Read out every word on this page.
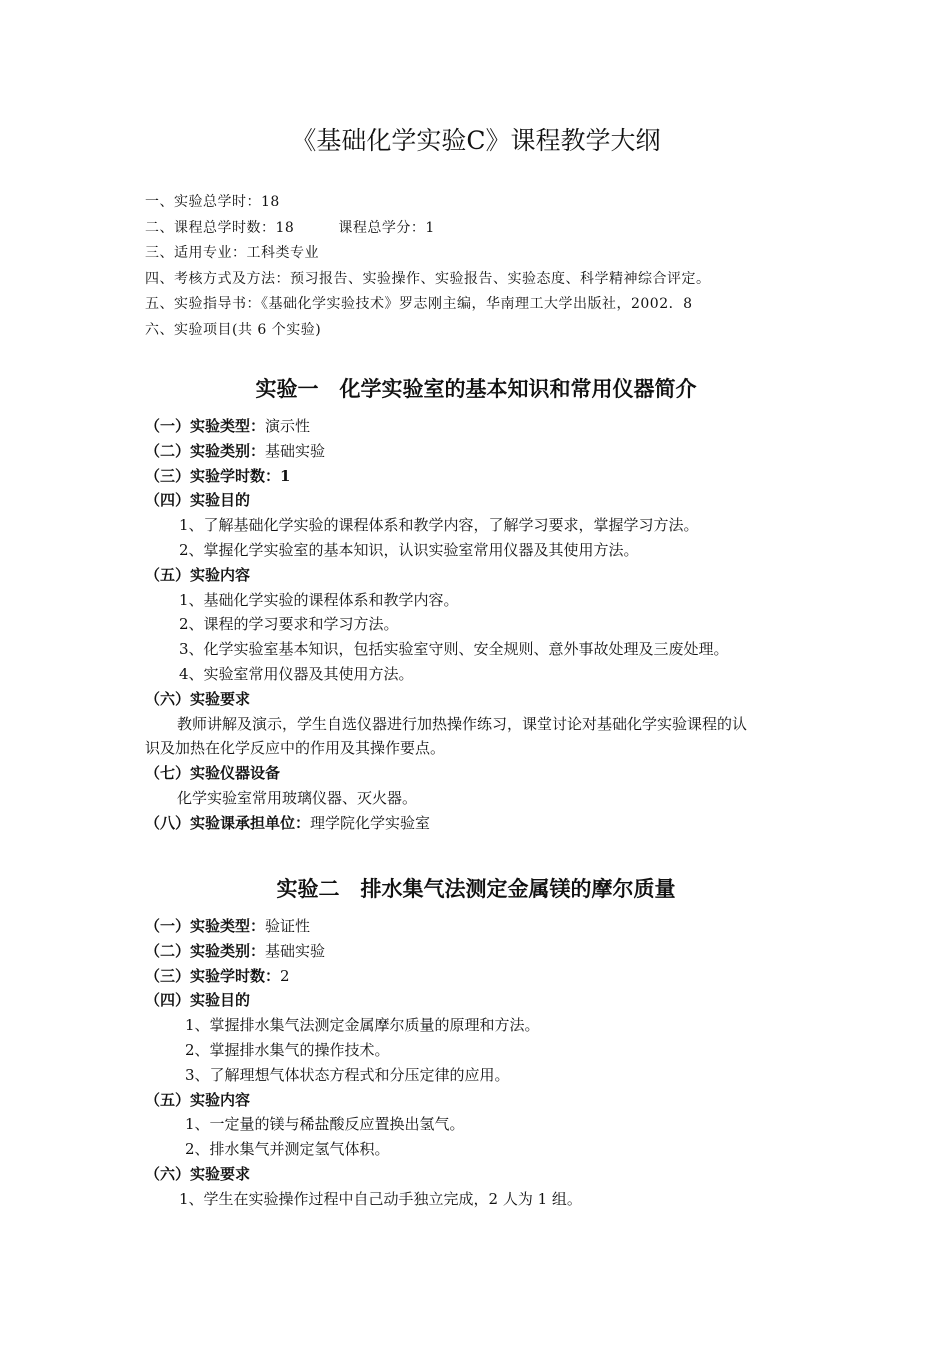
《基础化学实验C》课程教学大纲
一、实验总学时：18
二、课程总学时数：18	课程总学分：1
三、适用专业：工科类专业
四、考核方式及方法：预习报告、实验操作、实验报告、实验态度、科学精神综合评定。
五、实验指导书：《基础化学实验技术》罗志刚主编，华南理工大学出版社，2002．8
六、实验项目(共 6 个实验)
实验一　化学实验室的基本知识和常用仪器简介
（一）实验类型：演示性
（二）实验类别：基础实验
（三）实验学时数：1
（四）实验目的
1、了解基础化学实验的课程体系和教学内容，了解学习要求，掌握学习方法。
2、掌握化学实验室的基本知识，认识实验室常用仪器及其使用方法。
（五）实验内容
1、基础化学实验的课程体系和教学内容。
2、课程的学习要求和学习方法。
3、化学实验室基本知识，包括实验室守则、安全规则、意外事故处理及三废处理。
4、实验室常用仪器及其使用方法。
（六）实验要求
教师讲解及演示，学生自选仪器进行加热操作练习，课堂讨论对基础化学实验课程的认
识及加热在化学反应中的作用及其操作要点。
（七）实验仪器设备
化学实验室常用玻璃仪器、灭火器。
（八）实验课承担单位：理学院化学实验室
实验二　排水集气法测定金属镁的摩尔质量
（一）实验类型：验证性
（二）实验类别：基础实验
（三）实验学时数：2
（四）实验目的
1、掌握排水集气法测定金属摩尔质量的原理和方法。
2、掌握排水集气的操作技术。
3、了解理想气体状态方程式和分压定律的应用。
（五）实验内容
1、一定量的镁与稀盐酸反应置换出氢气。
2、排水集气并测定氢气体积。
（六）实验要求
1、学生在实验操作过程中自己动手独立完成，2 人为 1 组。
